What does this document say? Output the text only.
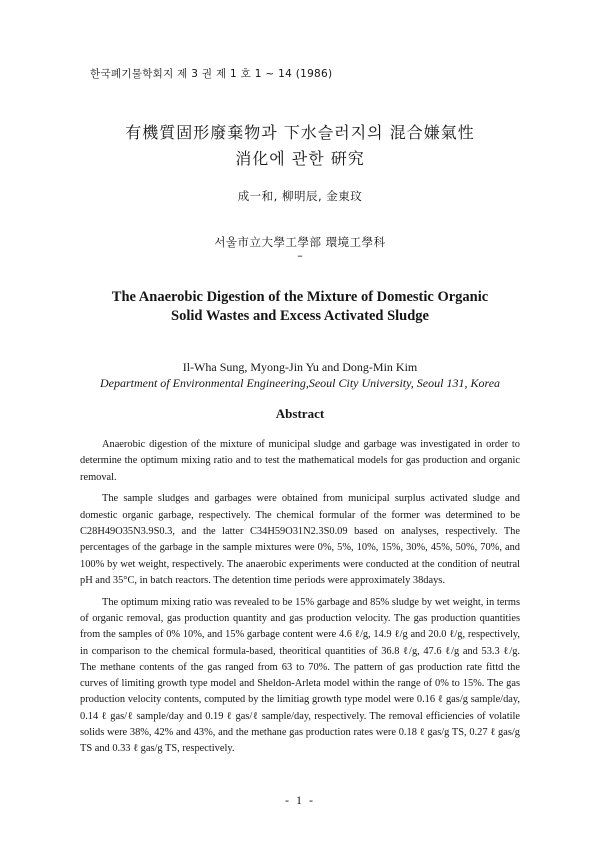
한국폐기물학회지 제 3 권 제 1 호 1 ~ 14 (1986)
有機質固形廢棄物과 下水슬러지의 混合嫌氣性
消化에 관한 硏究
成一和, 柳明辰, 金東玟
서울市立大學工學部 環境工學科
–
The Anaerobic Digestion of the Mixture of Domestic Organic
Solid Wastes and Excess Activated Sludge
Il-Wha Sung, Myong-Jin Yu and Dong-Min Kim
Department of Environmental Engineering,Seoul City University, Seoul 131, Korea
Abstract

Anaerobic digestion of the mixture of municipal sludge and garbage was investigated in order to determine the optimum mixing ratio and to test the mathematical models for gas production and organic removal.

The sample sludges and garbages were obtained from municipal surplus activated sludge and domestic organic garbage, respectively. The chemical formular of the former was determined to be C28H49O35N3.9S0.3, and the latter C34H59O31N2.3S0.09 based on analyses, respectively. The percentages of the garbage in the sample mixtures were 0%, 5%, 10%, 15%, 30%, 45%, 50%, 70%, and 100% by wet weight, respectively. The anaerobic experiments were conducted at the condition of neutral pH and 35°C, in batch reactors. The detention time periods were approximately 38days.

The optimum mixing ratio was revealed to be 15% garbage and 85% sludge by wet weight, in terms of organic removal, gas production quantity and gas production velocity. The gas production quantities from the samples of 0% 10%, and 15% garbage content were 4.6 ℓ/g, 14.9 ℓ/g and 20.0 ℓ/g, respectively, in comparison to the chemical formula-based, theoritical quantities of 36.8 ℓ/g, 47.6 ℓ/g and 53.3 ℓ/g. The methane contents of the gas ranged from 63 to 70%. The pattern of gas production rate fittd the curves of limiting growth type model and Sheldon-Arleta model within the range of 0% to 15%. The gas production velocity contents, computed by the limitiag growth type model were 0.16 ℓ gas/g sample/day, 0.14 ℓ gas/ℓ sample/day and 0.19 ℓ gas/ℓ sample/day, respectively. The removal efficiencies of volatile solids were 38%, 42% and 43%, and the methane gas production rates were 0.18 ℓ gas/g TS, 0.27 ℓ gas/g TS and 0.33 ℓ gas/g TS, respectively.

- 1 -
